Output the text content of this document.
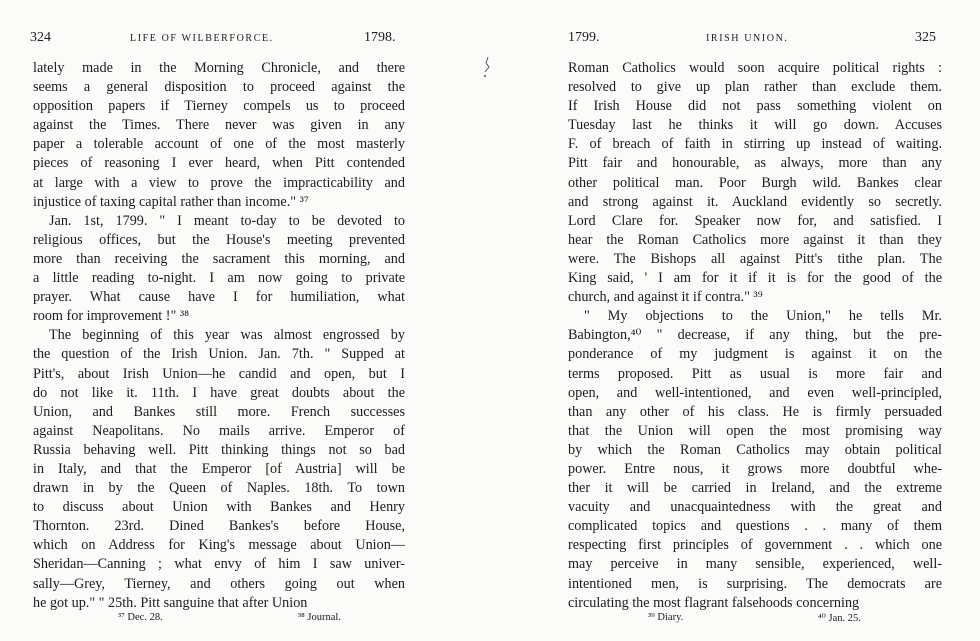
324	LIFE OF WILBERFORCE.	1798.
lately made in the Morning Chronicle, and there
seems a general disposition to proceed against the
opposition papers if Tierney compels us to proceed
against the Times. There never was given in any
paper a tolerable account of one of the most masterly
pieces of reasoning I ever heard, when Pitt contended
at large with a view to prove the impracticability and
injustice of taxing capital rather than income." ³⁷
Jan. 1st, 1799. " I meant to-day to be devoted to
religious offices, but the House's meeting prevented
more than receiving the sacrament this morning, and
a little reading to-night. I am now going to private
prayer. What cause have I for humiliation, what
room for improvement !" ³⁸
The beginning of this year was almost engrossed by
the question of the Irish Union. Jan. 7th. " Supped at
Pitt's, about Irish Union—he candid and open, but I
do not like it. 11th. I have great doubts about the
Union, and Bankes still more. French successes
against Neapolitans. No mails arrive. Emperor of
Russia behaving well. Pitt thinking things not so bad
in Italy, and that the Emperor [of Austria] will be
drawn in by the Queen of Naples. 18th. To town
to discuss about Union with Bankes and Henry
Thornton. 23rd. Dined Bankes's before House,
which on Address for King's message about Union—
Sheridan—Canning ; what envy of him I saw univer-
sally—Grey, Tierney, and others going out when
he got up." " 25th. Pitt sanguine that after Union
³⁷ Dec. 28.	³⁸ Journal.
1799.	IRISH UNION.	325
Roman Catholics would soon acquire political rights :
resolved to give up plan rather than exclude them.
If Irish House did not pass something violent on
Tuesday last he thinks it will go down. Accuses
F. of breach of faith in stirring up instead of waiting.
Pitt fair and honourable, as always, more than any
other political man. Poor Burgh wild. Bankes clear
and strong against it. Auckland evidently so secretly.
Lord Clare for. Speaker now for, and satisfied. I
hear the Roman Catholics more against it than they
were. The Bishops all against Pitt's tithe plan. The
King said, ' I am for it if it is for the good of the
church, and against it if contra." ³⁹
" My objections to the Union," he tells Mr.
Babington,⁴⁰ " decrease, if any thing, but the pre-
ponderance of my judgment is against it on the
terms proposed. Pitt as usual is more fair and
open, and well-intentioned, and even well-principled,
than any other of his class. He is firmly persuaded
that the Union will open the most promising way
by which the Roman Catholics may obtain political
power. Entre nous, it grows more doubtful whe-
ther it will be carried in Ireland, and the extreme
vacuity and unacquaintedness with the great and
complicated topics and questions . . many of them
respecting first principles of government . . which one
may perceive in many sensible, experienced, well-
intentioned men, is surprising. The democrats are
circulating the most flagrant falsehoods concerning
³⁹ Diary.	⁴⁰ Jan. 25.
